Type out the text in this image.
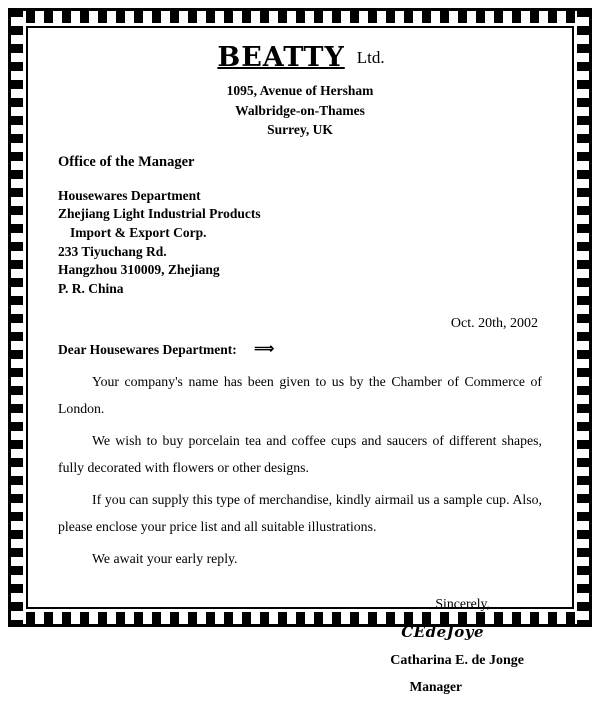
BEATTY Ltd.
1095, Avenue of Hersham
Walbridge-on-Thames
Surrey, UK
Office of the Manager
Housewares Department
Zhejiang Light Industrial Products
Import & Export Corp.
233 Tiyuchang Rd.
Hangzhou 310009, Zhejiang
P. R. China
Oct. 20th, 2002
Dear Housewares Department: ⟹

Your company's name has been given to us by the Chamber of Commerce of London.

We wish to buy porcelain tea and coffee cups and saucers of different shapes, fully decorated with flowers or other designs.

If you can supply this type of merchandise, kindly airmail us a sample cup. Also, please enclose your price list and all suitable illustrations.

We await your early reply.

Sincerely,
CEdeJoye
Catharina E. de Jonge
Manager
